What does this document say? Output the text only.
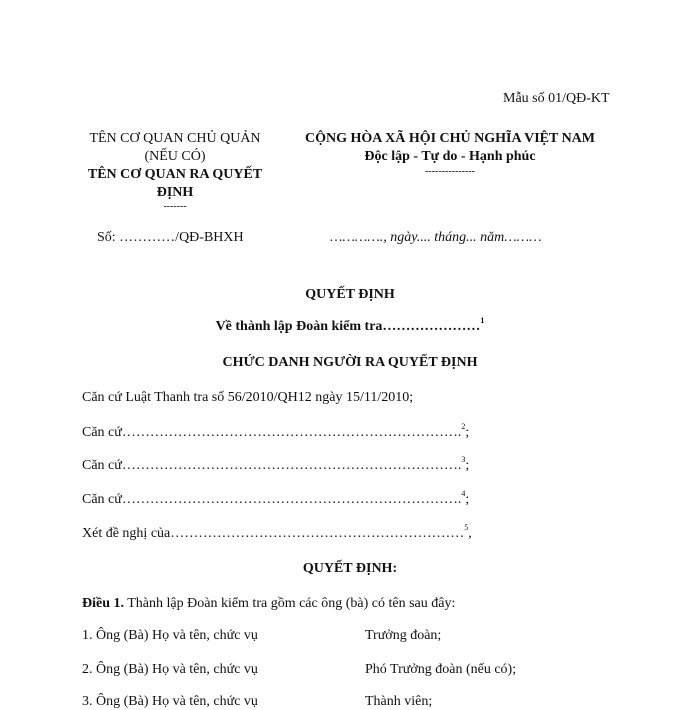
Mẫu số 01/QĐ-KT
TÊN CƠ QUAN CHỦ QUẢN
(NẾU CÓ)
TÊN CƠ QUAN RA QUYẾT
ĐỊNH
-------
Số: …………/QĐ-BHXH
CỘNG HÒA XÃ HỘI CHỦ NGHĨA VIỆT NAM
Độc lập - Tự do - Hạnh phúc
---------------
…………., ngày.... tháng... năm………
QUYẾT ĐỊNH
Về thành lập Đoàn kiểm tra…………………$^1$
CHỨC DANH NGƯỜI RA QUYẾT ĐỊNH
Căn cứ Luật Thanh tra số 56/2010/QH12 ngày 15/11/2010;
Căn cứ……………………………………………………………….$^2$;
Căn cứ……………………………………………………………….$^3$;
Căn cứ……………………………………………………………….$^4$;
Xét đề nghị của………………………………………………………$^5$,
QUYẾT ĐỊNH:
Điều 1. Thành lập Đoàn kiểm tra gồm các ông (bà) có tên sau đây:
1. Ông (Bà) Họ và tên, chức vụ	Trưởng đoàn;
2. Ông (Bà) Họ và tên, chức vụ	Phó Trưởng đoàn (nếu có);
3. Ông (Bà) Họ và tên, chức vụ	Thành viên;
